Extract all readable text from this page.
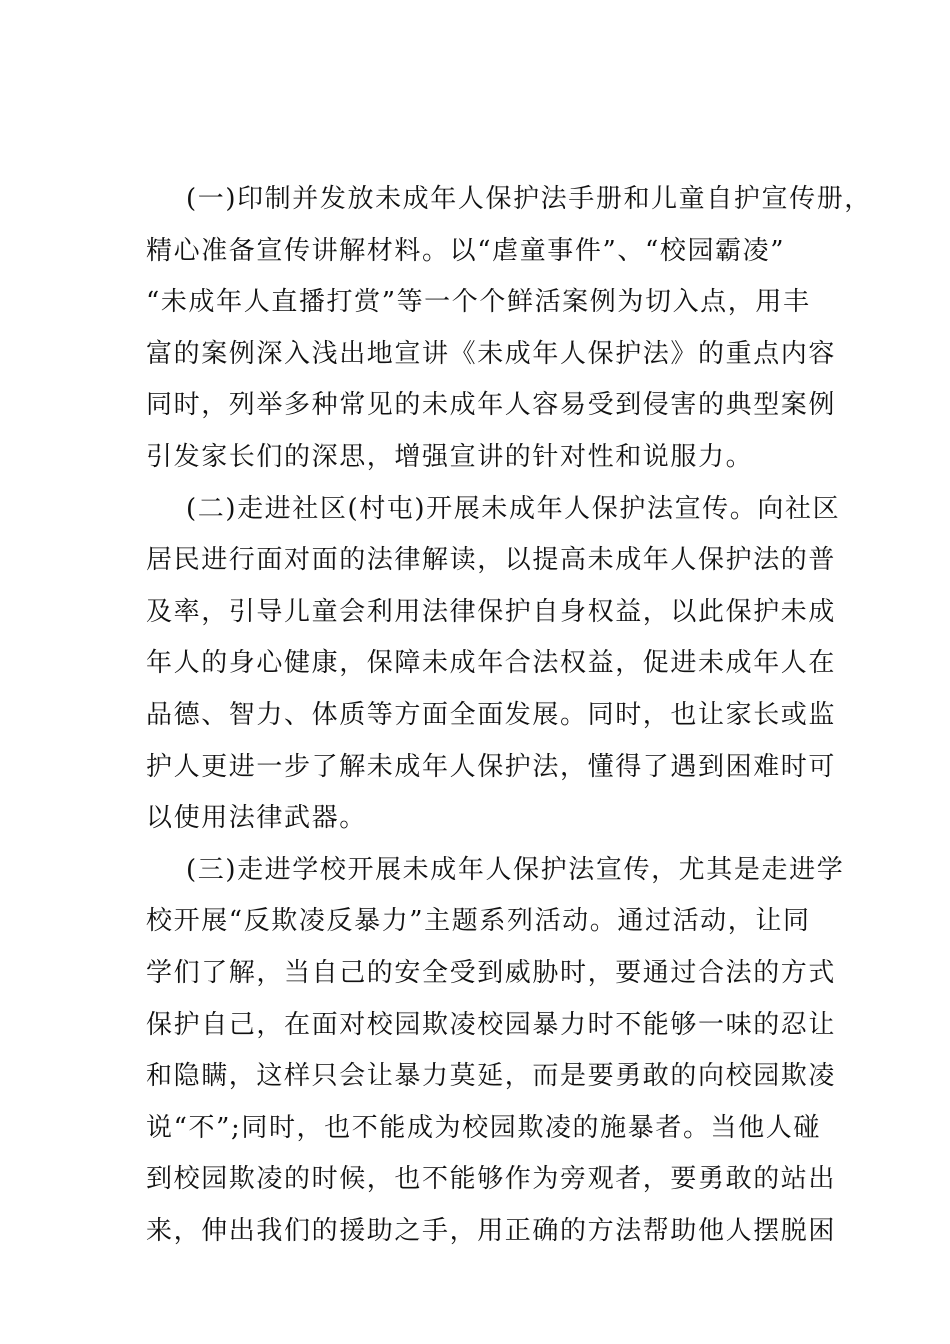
(一)印制并发放未成年人保护法手册和儿童自护宣传册，
精心准备宣传讲解材料。以“虐童事件”、“校园霸凌”
“未成年人直播打赏”等一个个鲜活案例为切入点，用丰
富的案例深入浅出地宣讲《未成年人保护法》的重点内容
同时，列举多种常见的未成年人容易受到侵害的典型案例
引发家长们的深思，增强宣讲的针对性和说服力。
(二)走进社区(村屯)开展未成年人保护法宣传。向社区
居民进行面对面的法律解读，以提高未成年人保护法的普
及率，引导儿童会利用法律保护自身权益，以此保护未成
年人的身心健康，保障未成年合法权益，促进未成年人在
品德、智力、体质等方面全面发展。同时，也让家长或监
护人更进一步了解未成年人保护法，懂得了遇到困难时可
以使用法律武器。
(三)走进学校开展未成年人保护法宣传，尤其是走进学
校开展“反欺凌反暴力”主题系列活动。通过活动，让同
学们了解，当自己的安全受到威胁时，要通过合法的方式
保护自己，在面对校园欺凌校园暴力时不能够一味的忍让
和隐瞒，这样只会让暴力莫延，而是要勇敢的向校园欺凌
说“不”;同时，也不能成为校园欺凌的施暴者。当他人碰
到校园欺凌的时候，也不能够作为旁观者，要勇敢的站出
来，伸出我们的援助之手，用正确的方法帮助他人摆脱困
